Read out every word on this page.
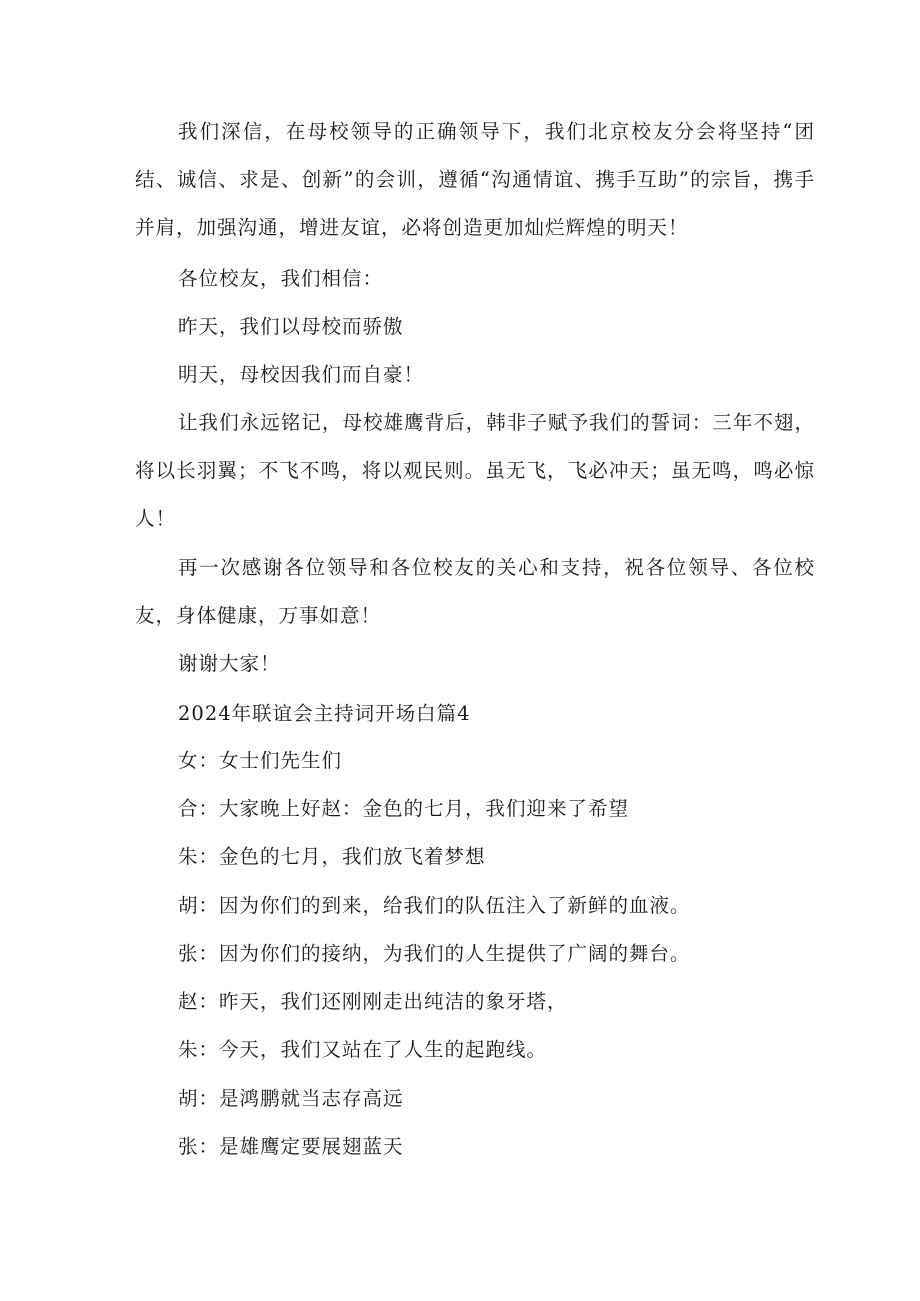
我们深信，在母校领导的正确领导下，我们北京校友分会将坚持“团结、诚信、求是、创新”的会训，遵循“沟通情谊、携手互助”的宗旨，携手并肩，加强沟通，增进友谊，必将创造更加灿烂辉煌的明天！

各位校友，我们相信：

昨天，我们以母校而骄傲

明天，母校因我们而自豪！

让我们永远铭记，母校雄鹰背后，韩非子赋予我们的誓词：三年不翅，将以长羽翼；不飞不鸣，将以观民则。虽无飞，飞必冲天；虽无鸣，鸣必惊人！

再一次感谢各位领导和各位校友的关心和支持，祝各位领导、各位校友，身体健康，万事如意！

谢谢大家！

2024年联谊会主持词开场白篇4

女：女士们先生们

合：大家晚上好赵：金色的七月，我们迎来了希望

朱：金色的七月，我们放飞着梦想

胡：因为你们的到来，给我们的队伍注入了新鲜的血液。

张：因为你们的接纳，为我们的人生提供了广阔的舞台。

赵：昨天，我们还刚刚走出纯洁的象牙塔，

朱：今天，我们又站在了人生的起跑线。

胡：是鸿鹏就当志存高远

张：是雄鹰定要展翅蓝天
